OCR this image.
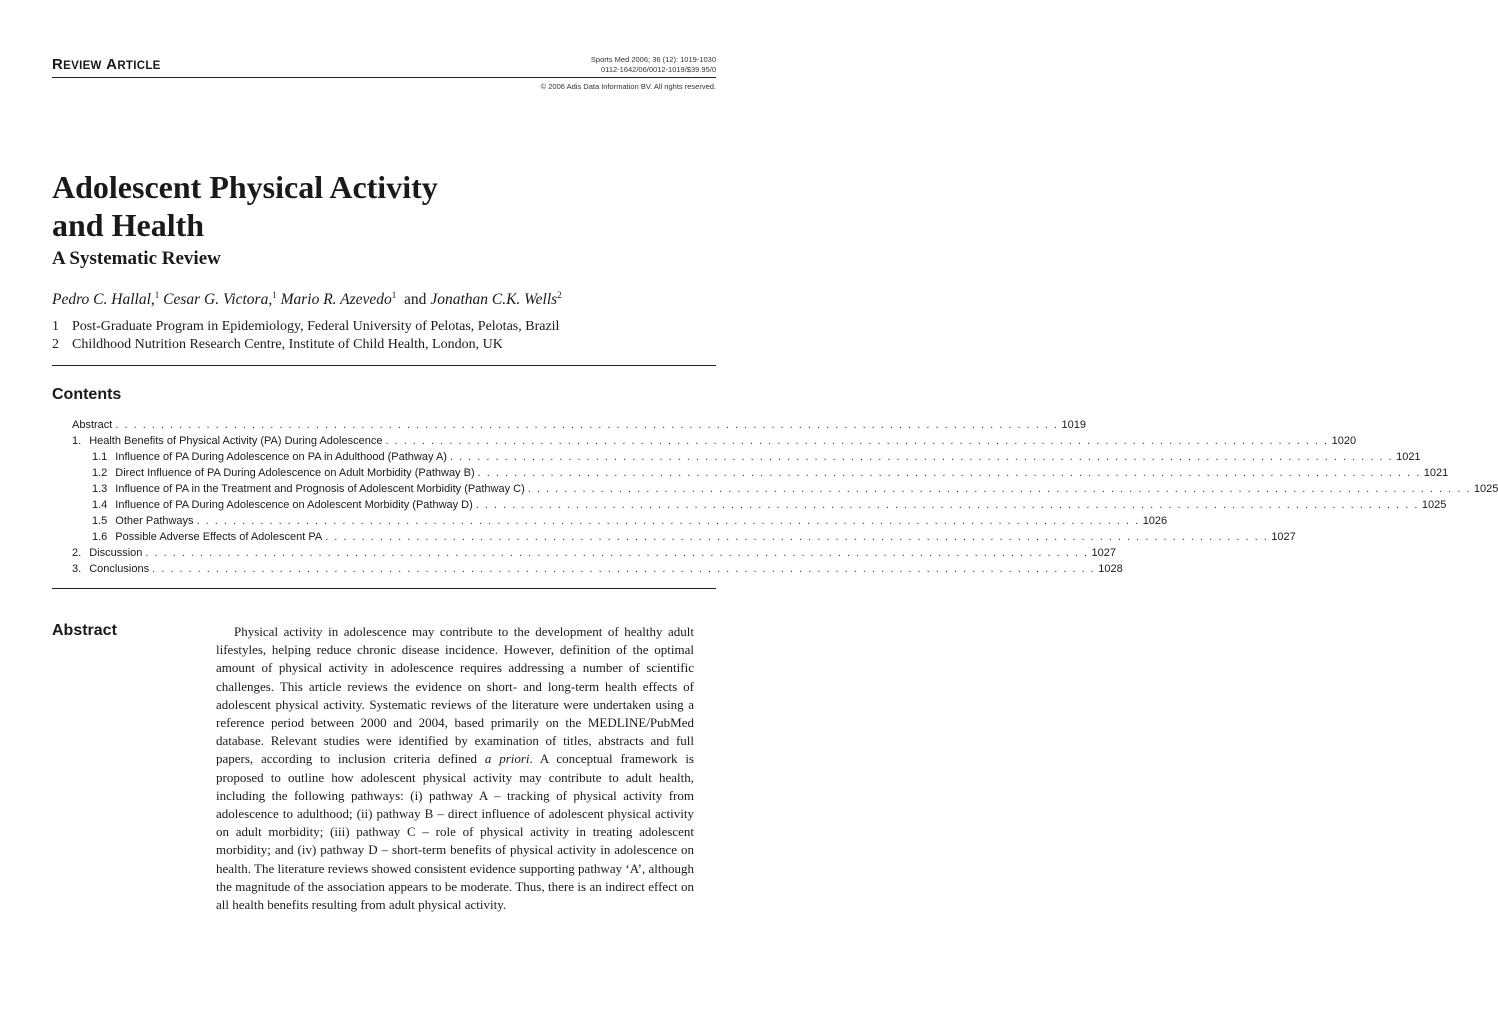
REVIEW ARTICLE
Sports Med 2006; 36 (12): 1019-1030
0112-1642/06/0012-1019/$39.95/0
© 2006 Adis Data Information BV. All rights reserved.
Adolescent Physical Activity
and Health
A Systematic Review
Pedro C. Hallal,$^1$ Cesar G. Victora,$^1$ Mario R. Azevedo$^1$ and Jonathan C.K. Wells$^2$
1 Post-Graduate Program in Epidemiology, Federal University of Pelotas, Pelotas, Brazil
2 Childhood Nutrition Research Centre, Institute of Child Health, London, UK
Contents
Abstract . . . . . . . . . . . . . . . . . . . . . . . . . . . . . . . . . . . . . . . . . . . . . . . . . . . . . . . . . . . . . . . . . . . . . . . . . . . . . . . . . . . . . . . . . . . . . . . . . . . . . . . . 1019
1. Health Benefits of Physical Activity (PA) During Adolescence . . . . . . . . . . . . . . . . . . . . . . . . . . . . . . . . . . . . . . . . . . . . . . . . . . . . . . . . . . . . . . . . . . . . . . . . . . . . . . . . . . . . . . . . . . . . . . . . . . . . . . . . 1020
1.1 Influence of PA During Adolescence on PA in Adulthood (Pathway A) . . . . . . . . . . . . . . . . . . . . . . . . . . . . . . . . . . . . . . . . . . . . . . . . . . . . . . . . . . . . . . . . . . . . . . . . . . . . . . . . . . . . . . . . . . . . . . . . . . . . . . . . 1021
1.2 Direct Influence of PA During Adolescence on Adult Morbidity (Pathway B) . . . . . . . . . . . . . . . . . . . . . . . . . . . . . . . . . . . . . . . . . . . . . . . . . . . . . . . . . . . . . . . . . . . . . . . . . . . . . . . . . . . . . . . . . . . . . . . . . . . . . . . . 1021
1.3 Influence of PA in the Treatment and Prognosis of Adolescent Morbidity (Pathway C) . . . . . . . . . . . . . . . . . . . . . . . . . . . . . . . . . . . . . . . . . . . . . . . . . . . . . . . . . . . . . . . . . . . . . . . . . . . . . . . . . . . . . . . . . . . . . . . . . . . . . . . . 1025
1.4 Influence of PA During Adolescence on Adolescent Morbidity (Pathway D) . . . . . . . . . . . . . . . . . . . . . . . . . . . . . . . . . . . . . . . . . . . . . . . . . . . . . . . . . . . . . . . . . . . . . . . . . . . . . . . . . . . . . . . . . . . . . . . . . . . . . . . . 1025
1.5 Other Pathways . . . . . . . . . . . . . . . . . . . . . . . . . . . . . . . . . . . . . . . . . . . . . . . . . . . . . . . . . . . . . . . . . . . . . . . . . . . . . . . . . . . . . . . . . . . . . . . . . . . . . . . . 1026
1.6 Possible Adverse Effects of Adolescent PA . . . . . . . . . . . . . . . . . . . . . . . . . . . . . . . . . . . . . . . . . . . . . . . . . . . . . . . . . . . . . . . . . . . . . . . . . . . . . . . . . . . . . . . . . . . . . . . . . . . . . . . . 1027
2. Discussion . . . . . . . . . . . . . . . . . . . . . . . . . . . . . . . . . . . . . . . . . . . . . . . . . . . . . . . . . . . . . . . . . . . . . . . . . . . . . . . . . . . . . . . . . . . . . . . . . . . . . . . . 1027
3. Conclusions . . . . . . . . . . . . . . . . . . . . . . . . . . . . . . . . . . . . . . . . . . . . . . . . . . . . . . . . . . . . . . . . . . . . . . . . . . . . . . . . . . . . . . . . . . . . . . . . . . . . . . . . 1028
Abstract	Physical activity in adolescence may contribute to the development of healthy adult lifestyles, helping reduce chronic disease incidence. However, definition of the optimal amount of physical activity in adolescence requires addressing a number of scientific challenges. This article reviews the evidence on short- and long-term health effects of adolescent physical activity. Systematic reviews of the literature were undertaken using a reference period between 2000 and 2004, based primarily on the MEDLINE/PubMed database. Relevant studies were identified by examination of titles, abstracts and full papers, according to inclusion criteria defined a priori. A conceptual framework is proposed to outline how adolescent physical activity may contribute to adult health, including the following pathways: (i) pathway A – tracking of physical activity from adolescence to adulthood; (ii) pathway B – direct influence of adolescent physical activity on adult morbidity; (iii) pathway C – role of physical activity in treating adolescent morbidity; and (iv) pathway D – short-term benefits of physical activity in adolescence on health. The literature reviews showed consistent evidence supporting pathway ‘A’, although the magnitude of the association appears to be moderate. Thus, there is an indirect effect on all health benefits resulting from adult physical activity.
